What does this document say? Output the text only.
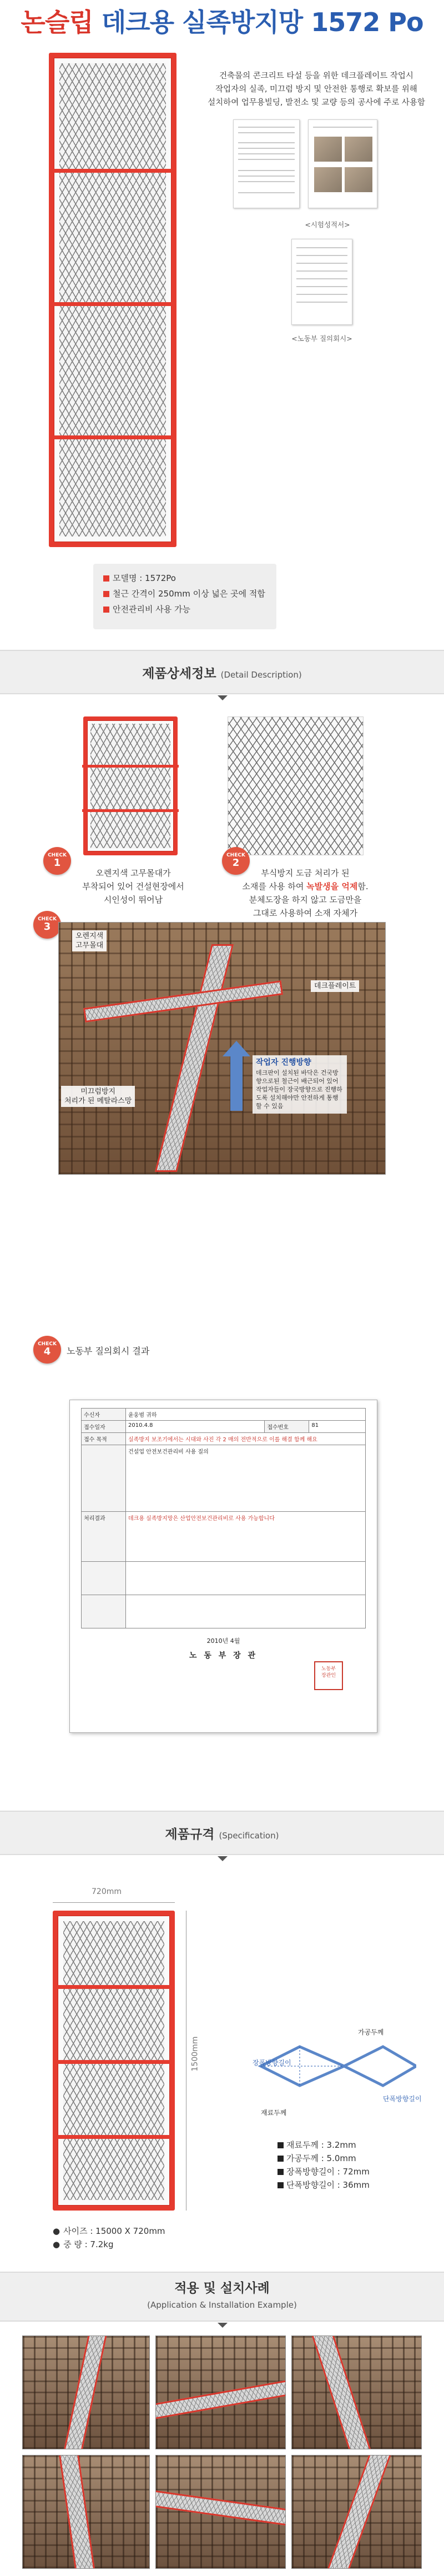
논슬립 데크용 실족방지망 1572 Po
건축물의 콘크리트 타설 등을 위한 데크플레이트 작업시
작업자의 실족, 미끄럼 방지 및 안전한 통행로 확보를 위해
설치하여 업무용빌딩, 발전소 및 교량 등의 공사에 주로 사용함
<시험성적서>
<노동부 질의회시>
모델명 : 1572Po
철근 간격이 250mm 이상 넓은 곳에 적합
안전관리비 사용 가능
제품상세정보 (Detail Description)
CHECK
1
CHECK
2
오렌지색 고무몰대가
부착되어 있어 건설현장에서
시인성이 뛰어남
부식방지 도금 처리가 된
소재를 사용 하여 녹발생을 억제함.
분체도장을 하지 않고 도금만을
그대로 사용하여 소재 자체가
CHECK
3
오렌지색
고무몰대
데크플레이트
미끄럼방지
처리가 된 메탈라스망
작업자 진행방향
데크판이 설치된 바닥은 건국방향으로된 철근이 배근되어 있어 작업자들이 장국방향으로 진행하도록 설치해야만 안전하게 통행 할 수 있음
CHECK
4	노동부 질의회시 결과
수신자	윤웅범 귀하		
접수일자	2010.4.8	접수번호	81
접수 목적	실족방지 보조기에서는 시대와 사진 각 2 매의 전반적으로 이를 해결 함께 해요		
	건설업 안전보건관리비 사용 질의		
처리결과	데크용 실족방지망은 산업안전보건관리비로 사용 가능합니다		

2010년 4월
노 동 부 장 관
노동부
장관인
제품규격 (Specification)
720mm
1500mm
● 사이즈 : 15000 X 720mm
● 중 량 : 7.2kg
가공두께
장폭방향길이
단폭방향길이
재료두께
재료두께 : 3.2mm
가공두께 : 5.0mm
장폭방향길이 : 72mm
단폭방향길이 : 36mm
적용 및 설치사례
(Application & Installation Example)
